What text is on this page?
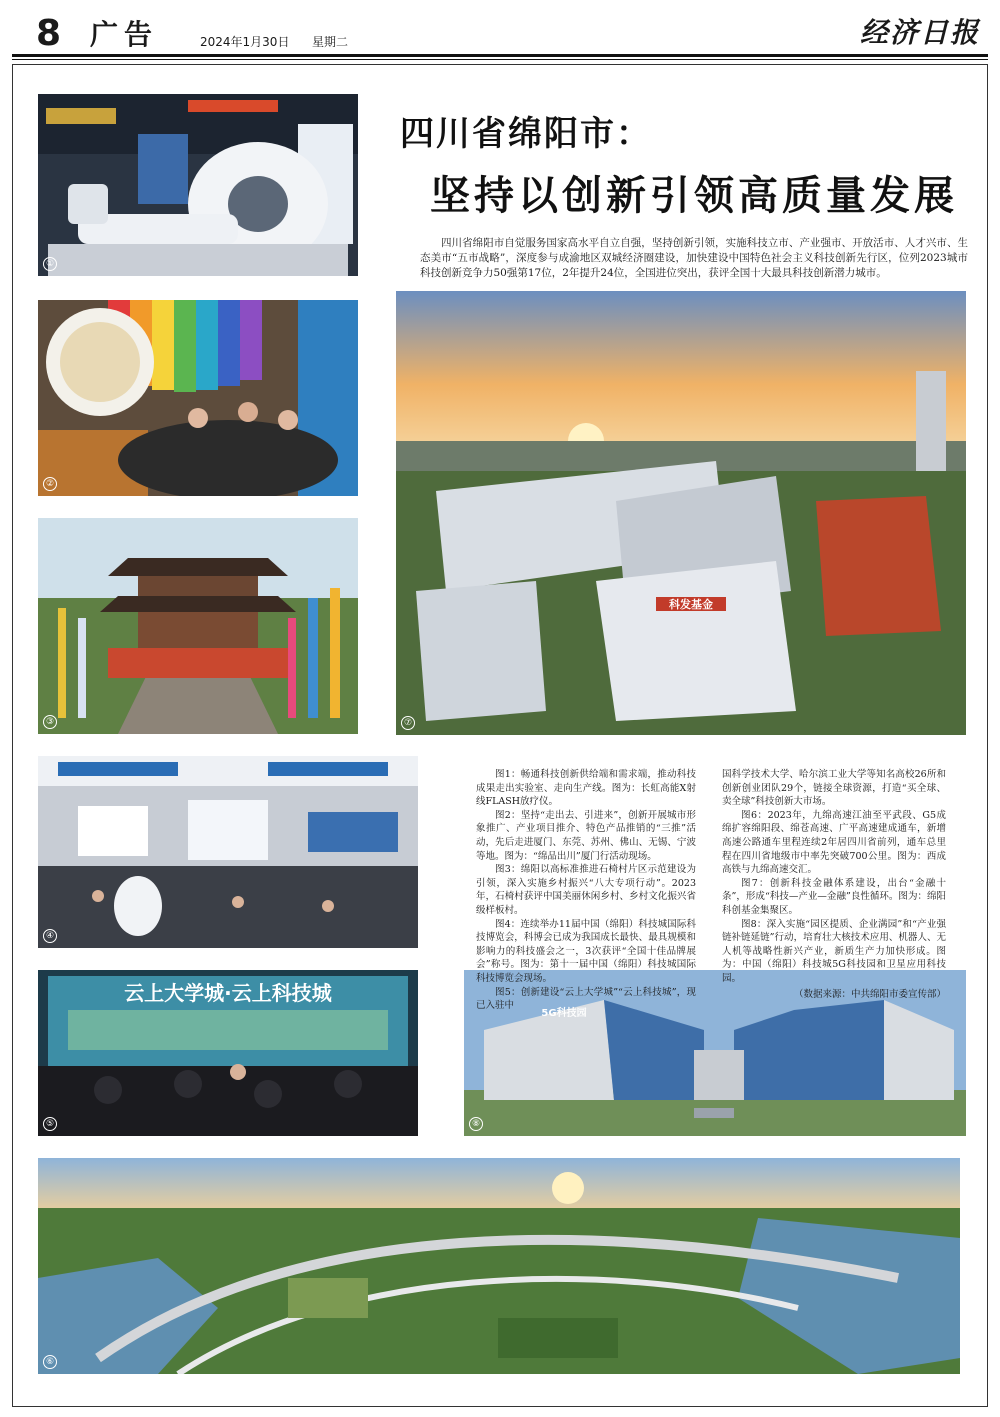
8 广告	2024年1月30日 星期二	经济日报
①
②
③
④
云上大学城·云上科技城
⑤
科发基金
⑦
5G科技园
⑧
⑥
四川省绵阳市：
坚持以创新引领高质量发展

四川省绵阳市自觉服务国家高水平自立自强，坚持创新引领，实施科技立市、产业强市、开放活市、人才兴市、生态美市“五市战略”，深度参与成渝地区双城经济圈建设，加快建设中国特色社会主义科技创新先行区，位列2023城市科技创新竞争力50强第17位，2年提升24位，全国进位突出，获评全国十大最具科技创新潜力城市。

图1：畅通科技创新供给端和需求端，推动科技成果走出实验室、走向生产线。图为：长虹高能X射线FLASH放疗仪。

图2：坚持“走出去、引进来”，创新开展城市形象推广、产业项目推介、特色产品推销的“三推”活动，先后走进厦门、东莞、苏州、佛山、无锡、宁波等地。图为：“绵品出川”厦门行活动现场。

图3：绵阳以高标准推进石椅村片区示范建设为引领，深入实施乡村振兴“八大专项行动”。2023年，石椅村获评中国美丽休闲乡村、乡村文化振兴省级样板村。

图4：连续举办11届中国（绵阳）科技城国际科技博览会，科博会已成为我国成长最快、最具规模和影响力的科技盛会之一，3次获评“全国十佳品牌展会”称号。图为：第十一届中国（绵阳）科技城国际科技博览会现场。

图5：创新建设“云上大学城”“云上科技城”，现已入驻中

国科学技术大学、哈尔滨工业大学等知名高校26所和创新创业团队29个，链接全球资源，打造“买全球、卖全球”科技创新大市场。

图6：2023年，九绵高速江油至平武段、G5成绵扩容绵阳段、绵苍高速、广平高速建成通车，新增高速公路通车里程连续2年居四川省前列，通车总里程在四川省地级市中率先突破700公里。图为：西成高铁与九绵高速交汇。

图7：创新科技金融体系建设，出台“金融十条”，形成“科技—产业—金融”良性循环。图为：绵阳科创基金集聚区。

图8：深入实施“园区提质、企业满园”和“产业强链补链延链”行动，培育壮大核技术应用、机器人、无人机等战略性新兴产业，新质生产力加快形成。图为：中国（绵阳）科技城5G科技园和卫星应用科技园。

（数据来源：中共绵阳市委宣传部）
